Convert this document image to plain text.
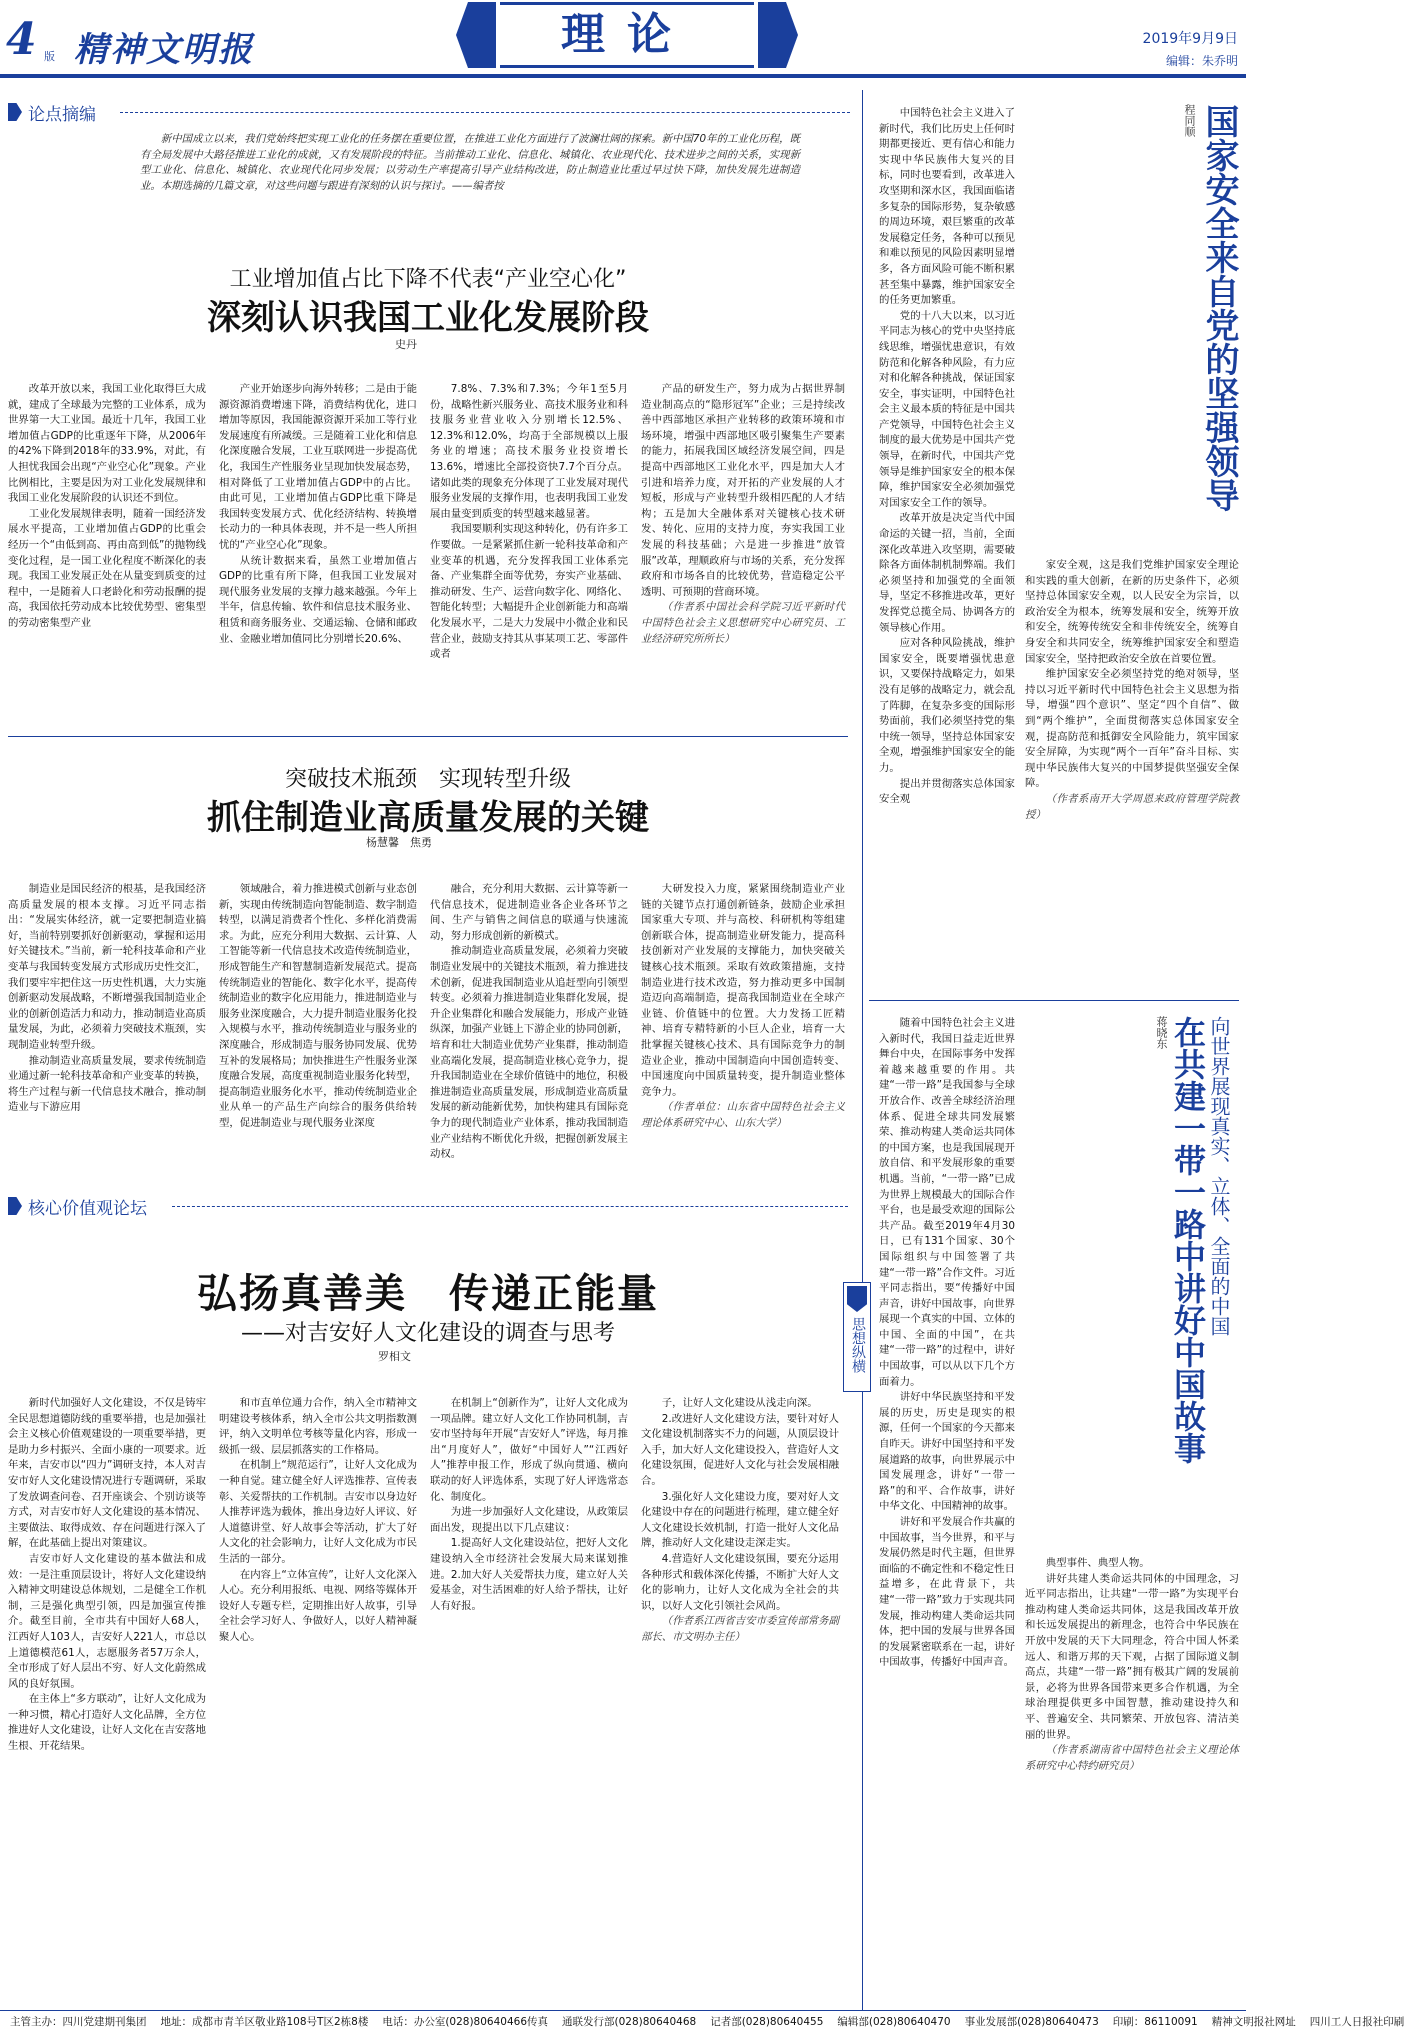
4 版 精神文明报	理论	2019年9月9日
编辑：朱乔明
论点摘编

新中国成立以来，我们党始终把实现工业化的任务摆在重要位置，在推进工业化方面进行了波澜壮阔的探索。新中国70年的工业化历程，既有全局发展中大路径推进工业化的成就，又有发展阶段的特征。当前推动工业化、信息化、城镇化、农业现代化、技术进步之间的关系，实现新型工业化、信息化、城镇化、农业现代化同步发展；以劳动生产率提高引导产业结构改进，防止制造业比重过早过快下降，加快发展先进制造业。本期选摘的几篇文章，对这些问题与跟进有深刻的认识与探讨。——编者按

工业增加值占比下降不代表“产业空心化”
深刻认识我国工业化发展阶段
史丹

改革开放以来，我国工业化取得巨大成就，建成了全球最为完整的工业体系，成为世界第一大工业国。最近十几年，我国工业增加值占GDP的比重逐年下降，从2006年的42%下降到2018年的33.9%，对此，有人担忧我国会出现“产业空心化”现象。产业比例相比，主要是因为对工业化发展规律和我国工业化发展阶段的认识还不到位。

工业化发展规律表明，随着一国经济发展水平提高，工业增加值占GDP的比重会经历一个“由低到高、再由高到低”的抛物线变化过程，是一国工业化程度不断深化的表现。我国工业发展正处在从量变到质变的过程中，一是随着人口老龄化和劳动报酬的提高，我国依托劳动成本比较优势型、密集型的劳动密集型产业

产业开始逐步向海外转移；二是由于能源资源消费增速下降，消费结构优化，进口增加等原因，我国能源资源开采加工等行业发展速度有所减缓。三是随着工业化和信息化深度融合发展，工业互联网进一步提高优化，我国生产性服务业呈现加快发展态势，相对降低了工业增加值占GDP中的占比。由此可见，工业增加值占GDP比重下降是我国转变发展方式、优化经济结构、转换增长动力的一种具体表现，并不是一些人所担忧的“产业空心化”现象。

从统计数据来看，虽然工业增加值占GDP的比重有所下降，但我国工业发展对现代服务业发展的支撑力越来越强。今年上半年，信息传输、软件和信息技术服务业、租赁和商务服务业、交通运输、仓储和邮政业、金融业增加值同比分别增长20.6%、

7.8%、7.3%和7.3%；今年1至5月份，战略性新兴服务业、高技术服务业和科技服务业营业收入分别增长12.5%、12.3%和12.0%，均高于全部规模以上服务业的增速；高技术服务业投资增长13.6%，增速比全部投资快7.7个百分点。诸如此类的现象充分体现了工业发展对现代服务业发展的支撑作用，也表明我国工业发展由量变到质变的转型越来越显著。

我国要顺利实现这种转化，仍有许多工作要做。一是紧紧抓住新一轮科技革命和产业变革的机遇，充分发挥我国工业体系完备、产业集群全面等优势，夯实产业基础、推动研发、生产、运营向数字化、网络化、智能化转型；大幅提升企业创新能力和高端化发展水平，二是大力发展中小微企业和民营企业，鼓励支持其从事某项工艺、零部件或者

产品的研发生产，努力成为占据世界制造业制高点的“隐形冠军”企业；三是持续改善中西部地区承担产业转移的政策环境和市场环境，增强中西部地区吸引聚集生产要素的能力，拓展我国区域经济发展空间，四是提高中西部地区工业化水平，四是加大人才引进和培养力度，对开拓的产业发展的人才短板，形成与产业转型升级相匹配的人才结构；五是加大全融体系对关键核心技术研发、转化、应用的支持力度，夯实我国工业发展的科技基础；六是进一步推进“放管服”改革，理顺政府与市场的关系，充分发挥政府和市场各自的比较优势，营造稳定公平透明、可预期的营商环境。

（作者系中国社会科学院习近平新时代中国特色社会主义思想研究中心研究员、工业经济研究所所长）

突破技术瓶颈　实现转型升级
抓住制造业高质量发展的关键
杨慧馨　焦勇

制造业是国民经济的根基，是我国经济高质量发展的根本支撑。习近平同志指出：“发展实体经济，就一定要把制造业搞好，当前特别要抓好创新驱动，掌握和运用好关键技术。”当前，新一轮科技革命和产业变革与我国转变发展方式形成历史性交汇，我们要牢牢把住这一历史性机遇，大力实施创新驱动发展战略，不断增强我国制造业企业的创新创造活力和动力，推动制造业高质量发展，为此，必须着力突破技术瓶颈，实现制造业转型升级。

推动制造业高质量发展，要求传统制造业通过新一轮科技革命和产业变革的转换，将生产过程与新一代信息技术融合，推动制造业与下游应用

领域融合，着力推进模式创新与业态创新，实现由传统制造向智能制造、数字制造转型，以满足消费者个性化、多样化消费需求。为此，应充分利用大数据、云计算、人工智能等新一代信息技术改造传统制造业，形成智能生产和智慧制造新发展范式。提高传统制造业的智能化、数字化水平，提高传统制造业的数字化应用能力，推进制造业与服务业深度融合，大力提升制造业服务化投入规模与水平，推动传统制造业与服务业的深度融合，形成制造与服务协同发展、优势互补的发展格局；加快推进生产性服务业深度融合发展，高度重视制造业服务化转型，提高制造业服务化水平，推动传统制造业企业从单一的产品生产向综合的服务供给转型，促进制造业与现代服务业深度

融合，充分利用大数据、云计算等新一代信息技术，促进制造业各企业各环节之间、生产与销售之间信息的联通与快速流动，努力形成创新的新模式。

推动制造业高质量发展，必须着力突破制造业发展中的关键技术瓶颈，着力推进技术创新，促进我国制造业从追赶型向引领型转变。必须着力推进制造业集群化发展，提升企业集群化和融合发展能力，形成产业链纵深，加强产业链上下游企业的协同创新，培育和壮大制造业优势产业集群，推动制造业高端化发展，提高制造业核心竞争力，提升我国制造业在全球价值链中的地位，积极推进制造业高质量发展，形成制造业高质量发展的新动能新优势，加快构建具有国际竞争力的现代制造业产业体系，推动我国制造业产业结构不断优化升级，把握创新发展主动权。

大研发投入力度，紧紧围绕制造业产业链的关键节点打通创新链条，鼓励企业承担国家重大专项、并与高校、科研机构等组建创新联合体，提高制造业研发能力，提高科技创新对产业发展的支撑能力，加快突破关键核心技术瓶颈。采取有效政策措施，支持制造业进行技术改造，努力推动更多中国制造迈向高端制造，提高我国制造业在全球产业链、价值链中的位置。大力发扬工匠精神、培育专精特新的小巨人企业，培育一大批掌握关键核心技术、具有国际竞争力的制造业企业，推动中国制造向中国创造转变、中国速度向中国质量转变，提升制造业整体竞争力。

（作者单位：山东省中国特色社会主义理论体系研究中心、山东大学）

核心价值观论坛
弘扬真善美　传递正能量
——对吉安好人文化建设的调查与思考
罗相文

新时代加强好人文化建设，不仅是铸牢全民思想道德防线的重要举措，也是加强社会主义核心价值观建设的一项重要举措，更是助力乡村振兴、全面小康的一项要求。近年来，吉安市以“四力”调研支持，本人对吉安市好人文化建设情况进行专题调研，采取了发放调查问卷、召开座谈会、个别访谈等方式，对吉安市好人文化建设的基本情况、主要做法、取得成效、存在问题进行深入了解，在此基础上提出对策建议。

吉安市好人文化建设的基本做法和成效：一是注重顶层设计，将好人文化建设纳入精神文明建设总体规划，二是健全工作机制，三是强化典型引领，四是加强宣传推介。截至目前，全市共有中国好人68人，江西好人103人，吉安好人221人，市总以上道德模范61人，志愿服务者57万余人，全市形成了好人层出不穷、好人文化蔚然成风的良好氛围。

在主体上“多方联动”，让好人文化成为一种习惯，精心打造好人文化品牌，全方位推进好人文化建设，让好人文化在吉安落地生根、开花结果。

和市直单位通力合作，纳入全市精神文明建设考核体系，纳入全市公共文明指数测评，纳入文明单位考核等量化内容，形成一级抓一级、层层抓落实的工作格局。

在机制上“规范运行”，让好人文化成为一种自觉。建立健全好人评选推荐、宣传表彰、关爱帮扶的工作机制。吉安市以身边好人推荐评选为载体，推出身边好人评议、好人道德讲堂、好人故事会等活动，扩大了好人文化的社会影响力，让好人文化成为市民生活的一部分。

在内容上“立体宣传”，让好人文化深入人心。充分利用报纸、电视、网络等媒体开设好人专题专栏，定期推出好人故事，引导全社会学习好人、争做好人，以好人精神凝聚人心。

在机制上“创新作为”，让好人文化成为一项品牌。建立好人文化工作协同机制，吉安市坚持每年开展“吉安好人”评选，每月推出“月度好人”，做好“中国好人”“江西好人”推荐申报工作，形成了纵向贯通、横向联动的好人评选体系，实现了好人评选常态化、制度化。

为进一步加强好人文化建设，从政策层面出发，现提出以下几点建议：

1.提高好人文化建设站位，把好人文化建设纳入全市经济社会发展大局来谋划推进。2.加大好人关爱帮扶力度，建立好人关爱基金，对生活困难的好人给予帮扶，让好人有好报。

子，让好人文化建设从浅走向深。

2.改进好人文化建设方法，要针对好人文化建设机制落实不力的问题，从顶层设计入手，加大好人文化建设投入，营造好人文化建设氛围，促进好人文化与社会发展相融合。

3.强化好人文化建设力度，要对好人文化建设中存在的问题进行梳理，建立健全好人文化建设长效机制，打造一批好人文化品牌，推动好人文化建设走深走实。

4.营造好人文化建设氛围，要充分运用各种形式和载体深化传播，不断扩大好人文化的影响力，让好人文化成为全社会的共识，以好人文化引领社会风尚。

（作者系江西省吉安市委宣传部常务副部长、市文明办主任）

国家安全来自党的坚强领导
程同顺

中国特色社会主义进入了新时代，我们比历史上任何时期都更接近、更有信心和能力实现中华民族伟大复兴的目标，同时也要看到，改革进入攻坚期和深水区，我国面临诸多复杂的国际形势，复杂敏感的周边环境，艰巨繁重的改革发展稳定任务，各种可以预见和难以预见的风险因素明显增多，各方面风险可能不断积累甚至集中暴露，维护国家安全的任务更加繁重。

党的十八大以来，以习近平同志为核心的党中央坚持底线思维，增强忧患意识，有效防范和化解各种风险，有力应对和化解各种挑战，保证国家安全，事实证明，中国特色社会主义最本质的特征是中国共产党领导，中国特色社会主义制度的最大优势是中国共产党领导，在新时代，中国共产党领导是维护国家安全的根本保障，维护国家安全必须加强党对国家安全工作的领导。

改革开放是决定当代中国命运的关键一招，当前，全面深化改革进入攻坚期，需要破除各方面体制机制弊端。我们必须坚持和加强党的全面领导，坚定不移推进改革，更好发挥党总揽全局、协调各方的领导核心作用。

应对各种风险挑战，维护国家安全，既要增强忧患意识，又要保持战略定力，如果没有足够的战略定力，就会乱了阵脚，在复杂多变的国际形势面前，我们必须坚持党的集中统一领导，坚持总体国家安全观，增强维护国家安全的能力。

提出并贯彻落实总体国家安全观

家安全观，这是我们党维护国家安全理论和实践的重大创新，在新的历史条件下，必须坚持总体国家安全观，以人民安全为宗旨，以政治安全为根本，统筹发展和安全，统筹开放和安全，统筹传统安全和非传统安全，统筹自身安全和共同安全，统筹维护国家安全和塑造国家安全，坚持把政治安全放在首要位置。

维护国家安全必须坚持党的绝对领导，坚持以习近平新时代中国特色社会主义思想为指导，增强“四个意识”、坚定“四个自信”、做到“两个维护”，全面贯彻落实总体国家安全观，提高防范和抵御安全风险能力，筑牢国家安全屏障，为实现“两个一百年”奋斗目标、实现中华民族伟大复兴的中国梦提供坚强安全保障。

（作者系南开大学周恩来政府管理学院教授）

向世界展现真实、立体、全面的中国
在共建一带一路中讲好中国故事
蒋晓东

随着中国特色社会主义进入新时代，我国日益走近世界舞台中央，在国际事务中发挥着越来越重要的作用。共建“一带一路”是我国参与全球开放合作、改善全球经济治理体系、促进全球共同发展繁荣、推动构建人类命运共同体的中国方案，也是我国展现开放自信、和平发展形象的重要机遇。当前，“一带一路”已成为世界上规模最大的国际合作平台，也是最受欢迎的国际公共产品。截至2019年4月30日，已有131个国家、30个国际组织与中国签署了共建“一带一路”合作文件。习近平同志指出，要“传播好中国声音，讲好中国故事，向世界展现一个真实的中国、立体的中国、全面的中国”，在共建“一带一路”的过程中，讲好中国故事，可以从以下几个方面着力。

讲好中华民族坚持和平发展的历史，历史是现实的根源，任何一个国家的今天都来自昨天。讲好中国坚持和平发展道路的故事，向世界展示中国发展理念，讲好“一带一路”的和平、合作故事，讲好中华文化、中国精神的故事。

讲好和平发展合作共赢的中国故事，当今世界，和平与发展仍然是时代主题，但世界面临的不确定性和不稳定性日益增多，在此背景下，共建“一带一路”致力于实现共同发展，推动构建人类命运共同体，把中国的发展与世界各国的发展紧密联系在一起，讲好中国故事，传播好中国声音。

典型事件、典型人物。

讲好共建人类命运共同体的中国理念，习近平同志指出，让共建“一带一路”为实现平台推动构建人类命运共同体，这是我国改革开放和长远发展提出的新理念，也符合中华民族在开放中发展的天下大同理念，符合中国人怀柔远人、和谐万邦的天下观，占据了国际道义制高点，共建“一带一路”拥有极其广阔的发展前景，必将为世界各国带来更多合作机遇，为全球治理提供更多中国智慧，推动建设持久和平、普遍安全、共同繁荣、开放包容、清洁美丽的世界。

（作者系湖南省中国特色社会主义理论体系研究中心特约研究员）

思想纵横
主管主办：四川党建期刊集团 地址：成都市青羊区敬业路108号T区2栋8楼 电话：办公室(028)80640466传真 通联发行部(028)80640468 记者部(028)80640455 编辑部(028)80640470 事业发展部(028)80640473 印刷：86110091 精神文明报社网址 四川工人日报社印刷
